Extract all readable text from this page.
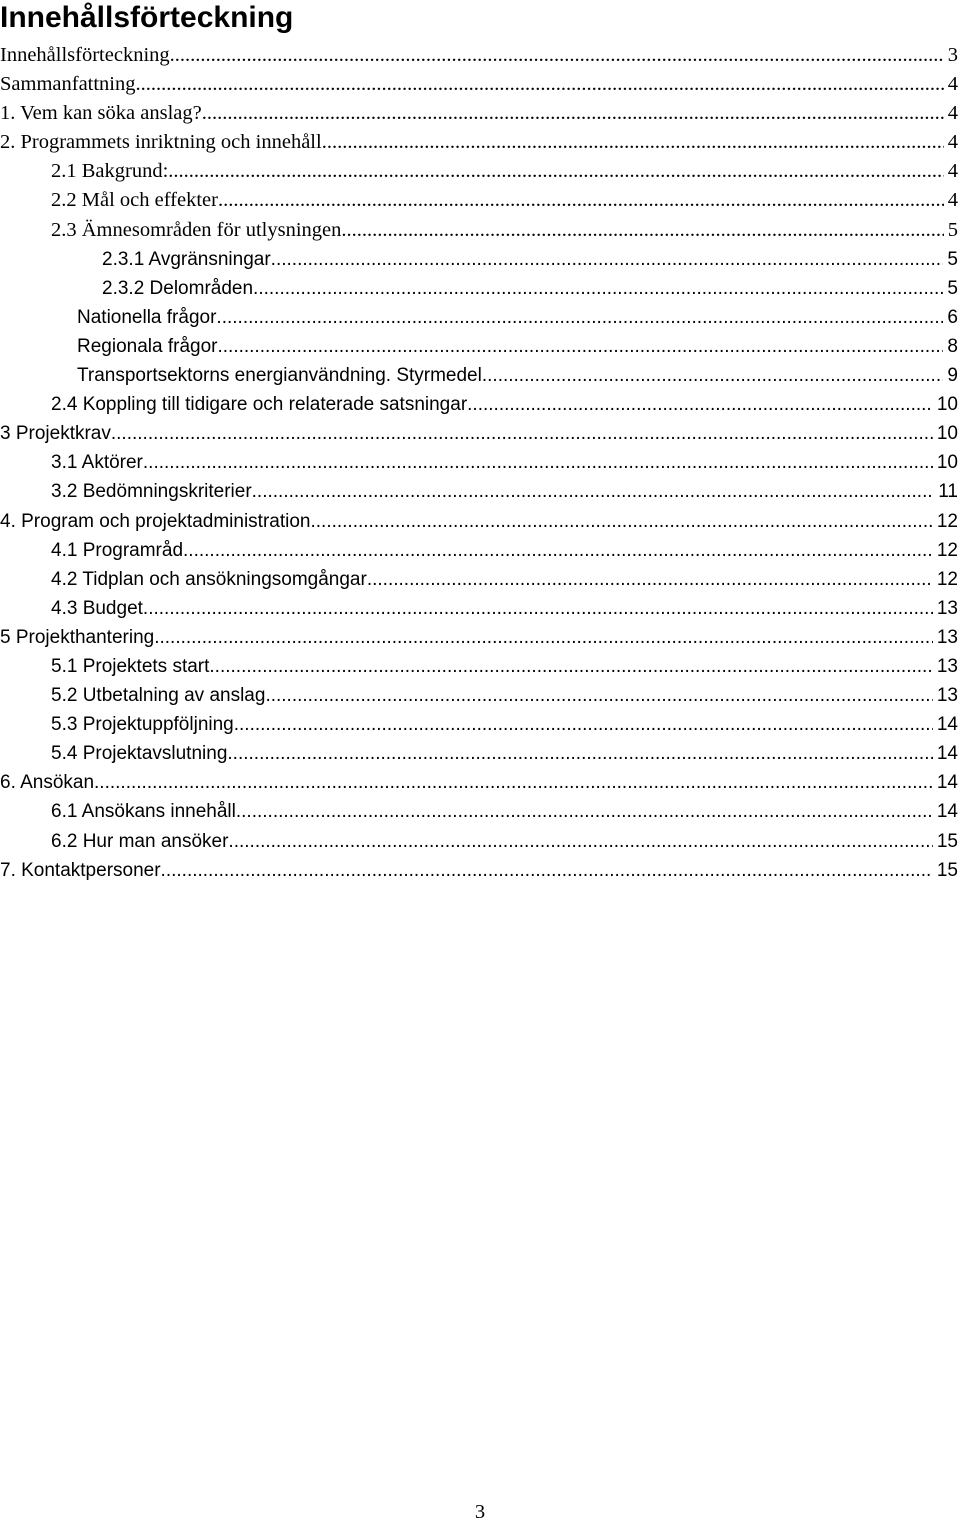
Innehållsförteckning
Innehållsförteckning .....	3
Sammanfattning .....	4
1. Vem kan söka anslag? .....	4
2. Programmets inriktning och innehåll .....	4
2.1 Bakgrund: .....	4
2.2 Mål och effekter .....	4
2.3 Ämnesområden för utlysningen .....	5
2.3.1 Avgränsningar .....	5
2.3.2 Delområden .....	5
Nationella frågor .....	6
Regionala frågor .....	8
Transportsektorns energianvändning. Styrmedel .....	9
2.4 Koppling till tidigare och relaterade satsningar .....	10
3 Projektkrav .....	10
3.1 Aktörer .....	10
3.2 Bedömningskriterier .....	11
4. Program och projektadministration .....	12
4.1 Programråd .....	12
4.2 Tidplan och ansökningsomgångar .....	12
4.3 Budget .....	13
5 Projekthantering .....	13
5.1 Projektets start .....	13
5.2 Utbetalning av anslag .....	13
5.3 Projektuppföljning .....	14
5.4 Projektavslutning .....	14
6. Ansökan .....	14
6.1 Ansökans innehåll .....	14
6.2 Hur man ansöker .....	15
7. Kontaktpersoner .....	15
3
